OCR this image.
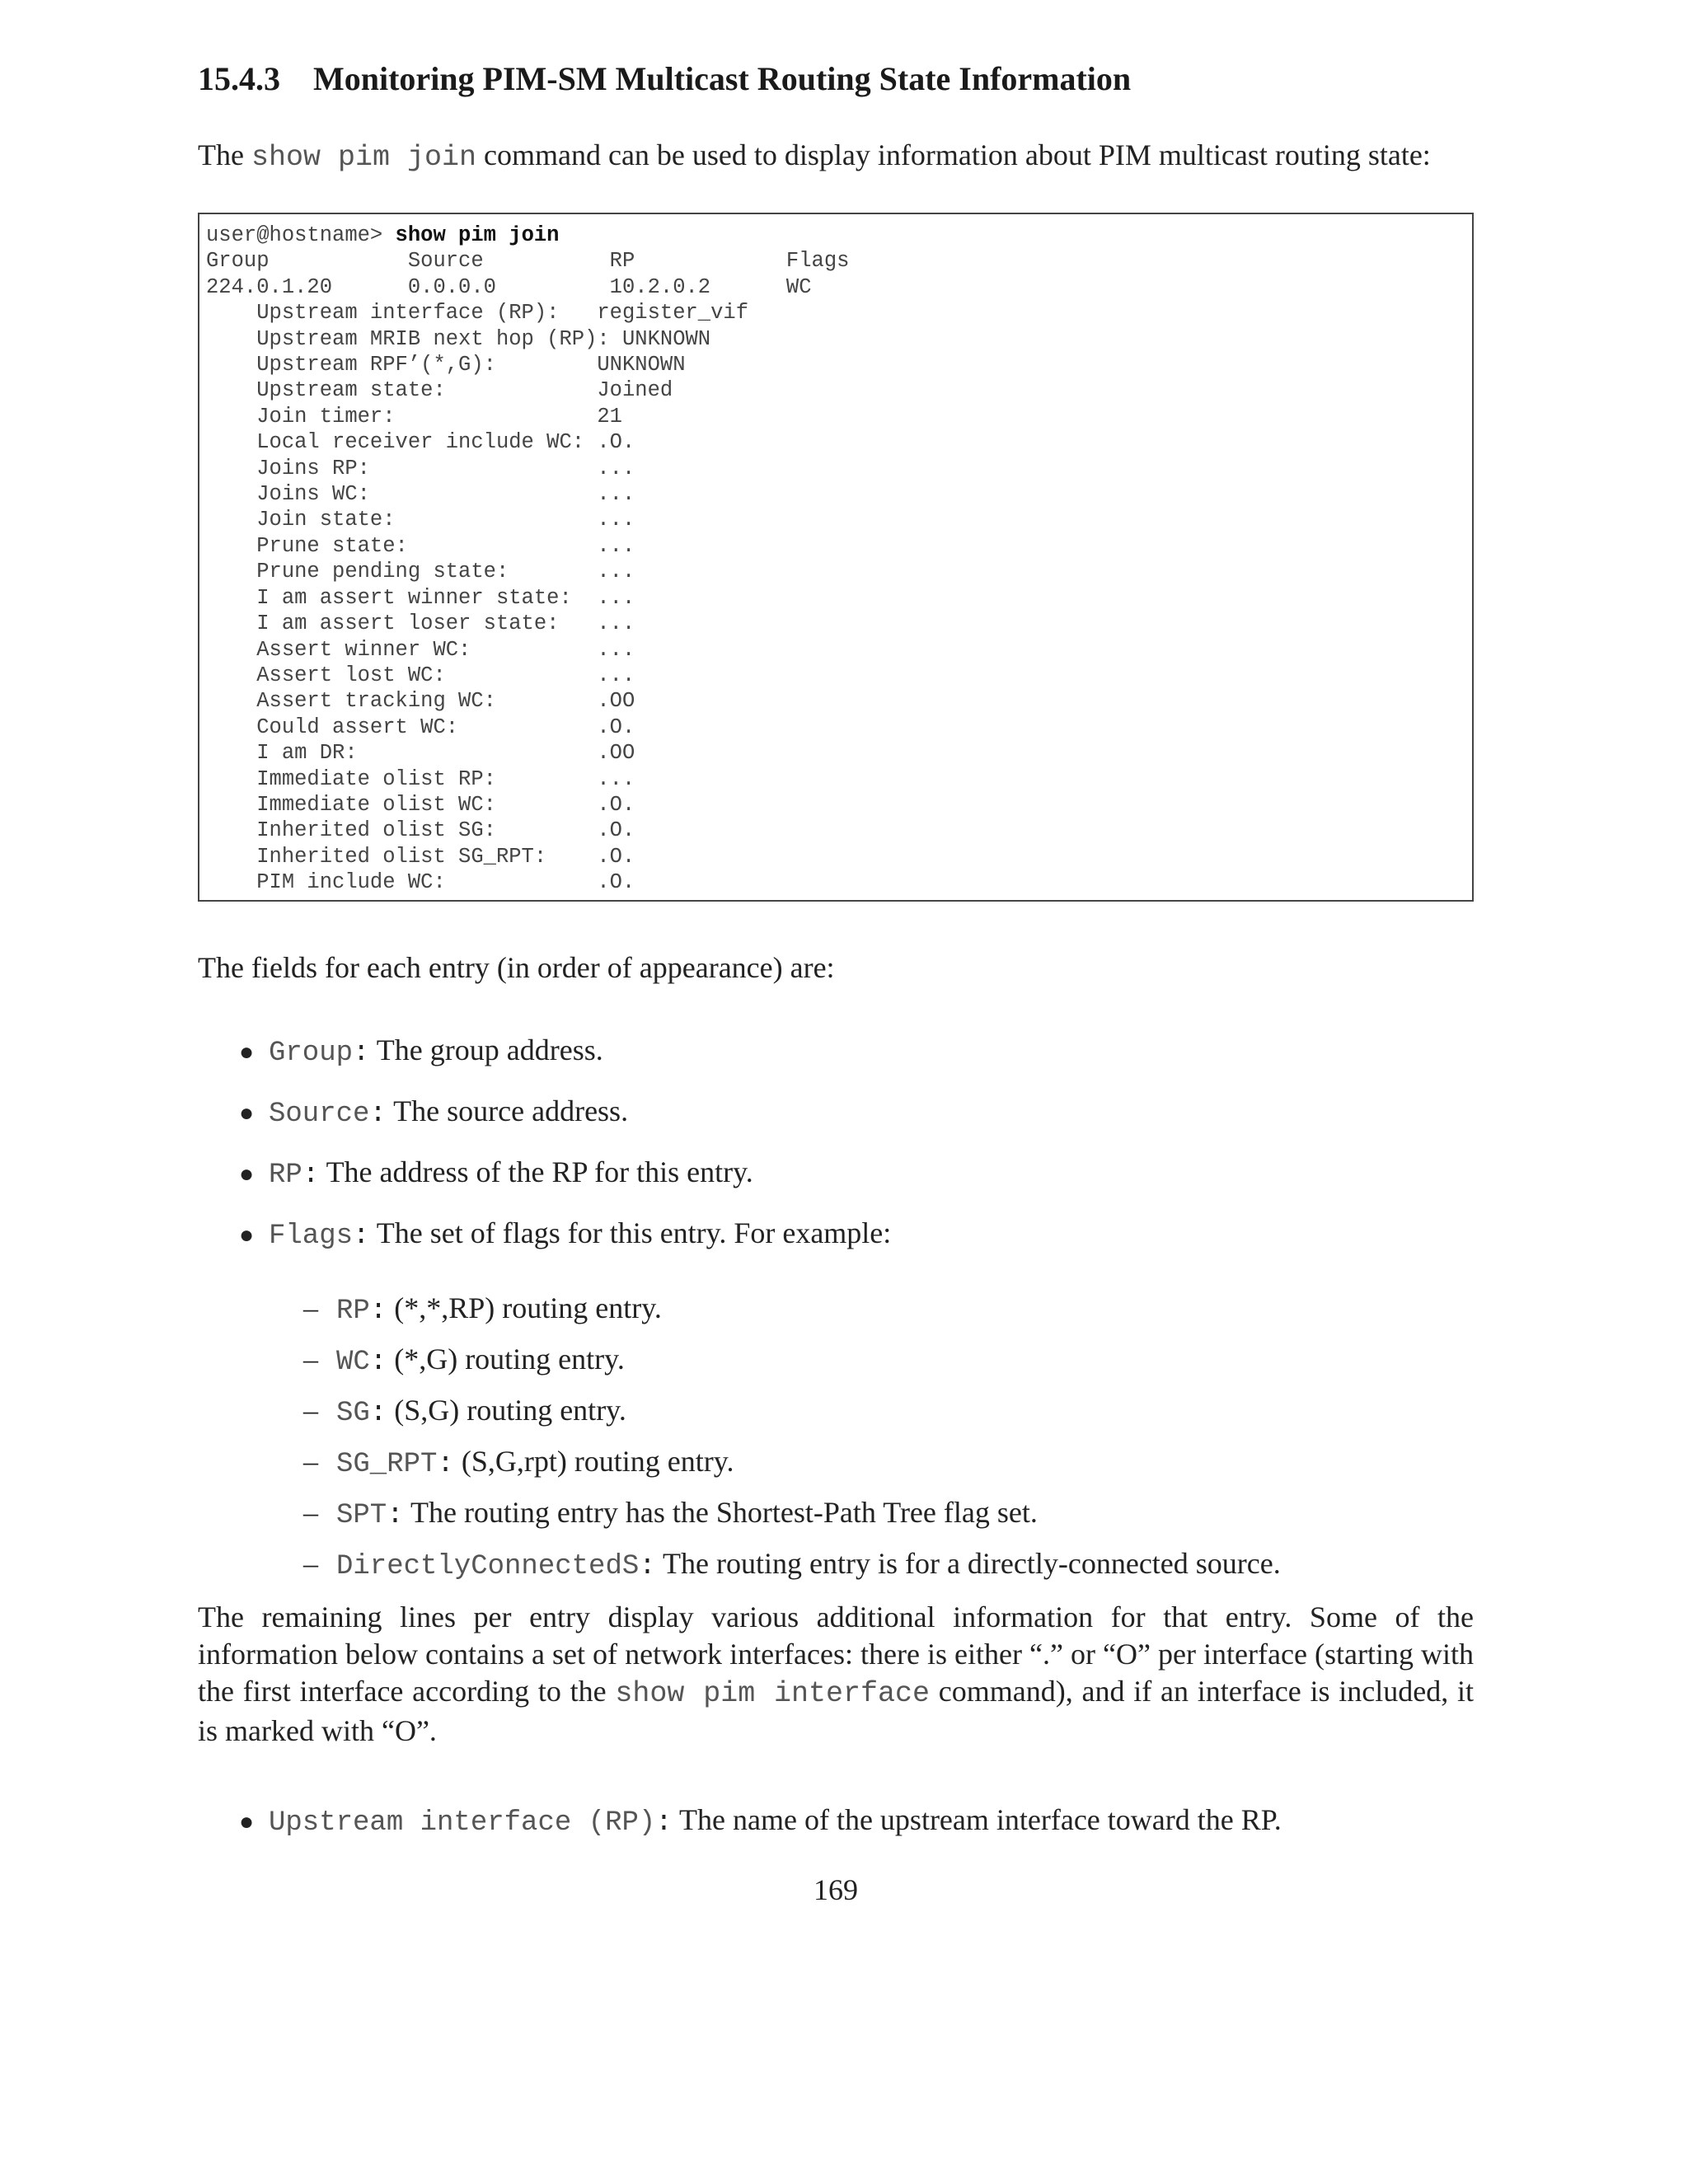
15.4.3 Monitoring PIM-SM Multicast Routing State Information

The show pim join command can be used to display information about PIM multicast routing state:

user@hostname> show pim join
Group           Source          RP            Flags
224.0.1.20      0.0.0.0         10.2.0.2      WC
Upstream interface (RP):   register_vif
Upstream MRIB next hop (RP): UNKNOWN
Upstream RPF’(*,G):        UNKNOWN
Upstream state:            Joined
Join timer:                21
Local receiver include WC: .O.
Joins RP:                  ...
Joins WC:                  ...
Join state:                ...
Prune state:               ...
Prune pending state:       ...
I am assert winner state:  ...
I am assert loser state:   ...
Assert winner WC:          ...
Assert lost WC:            ...
Assert tracking WC:        .OO
Could assert WC:           .O.
I am DR:                   .OO
Immediate olist RP:        ...
Immediate olist WC:        .O.
Inherited olist SG:        .O.
Inherited olist SG_RPT:    .O.
PIM include WC:            .O.

The fields for each entry (in order of appearance) are:

● Group: The group address.
● Source: The source address.
● RP: The address of the RP for this entry.
● Flags: The set of flags for this entry. For example:
– RP: (*,*,RP) routing entry.
– WC: (*,G) routing entry.
– SG: (S,G) routing entry.
– SG_RPT: (S,G,rpt) routing entry.
– SPT: The routing entry has the Shortest-Path Tree flag set.
– DirectlyConnectedS: The routing entry is for a directly-connected source.

The remaining lines per entry display various additional information for that entry. Some of the information below contains a set of network interfaces: there is either “.” or “O” per interface (starting with the first interface according to the show pim interface command), and if an interface is included, it is marked with “O”.

● Upstream interface (RP): The name of the upstream interface toward the RP.

169
